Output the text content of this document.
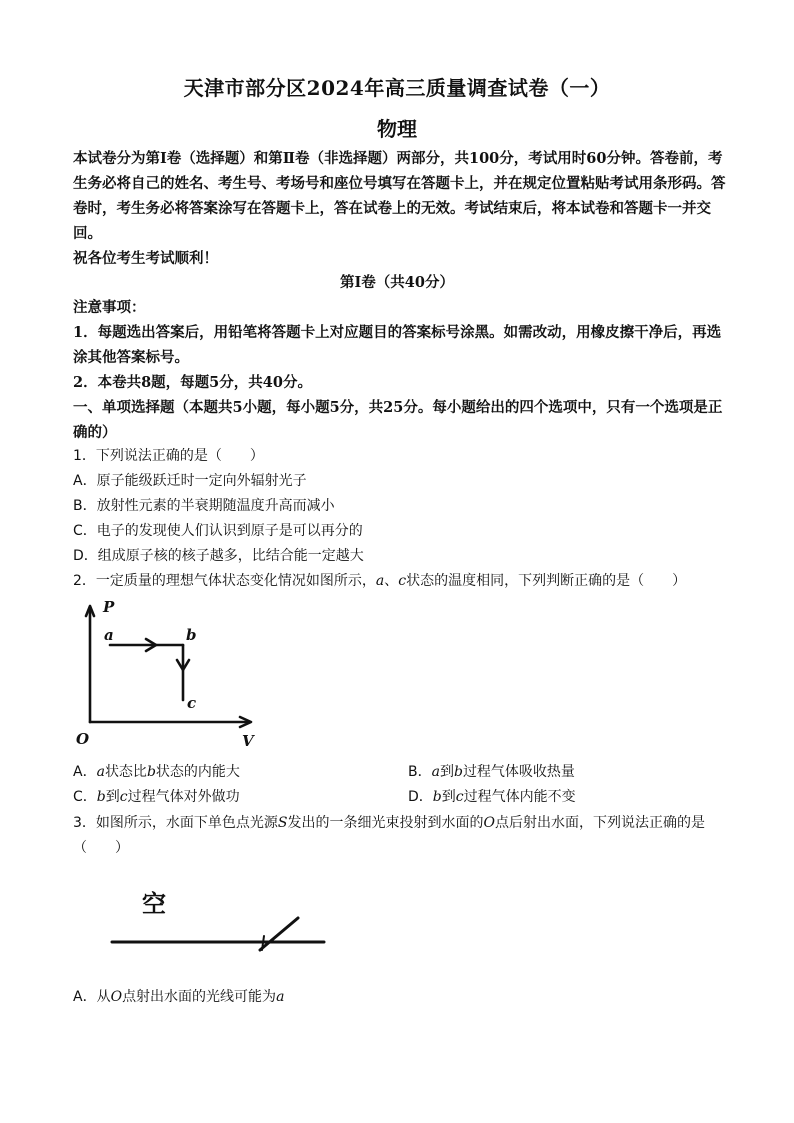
天津市部分区2024年高三质量调查试卷（一）
物理

本试卷分为第Ⅰ卷（选择题）和第Ⅱ卷（非选择题）两部分，共100分，考试用时60分钟。答卷前，考生务必将自己的姓名、考生号、考场号和座位号填写在答题卡上，并在规定位置粘贴考试用条形码。答卷时，考生务必将答案涂写在答题卡上，答在试卷上的无效。考试结束后，将本试卷和答题卡一并交回。

祝各位考生考试顺利！

第Ⅰ卷（共40分）

注意事项：

1．每题选出答案后，用铅笔将答题卡上对应题目的答案标号涂黑。如需改动，用橡皮擦干净后，再选涂其他答案标号。

2．本卷共8题，每题5分，共40分。

一、单项选择题（本题共5小题，每小题5分，共25分。每小题给出的四个选项中，只有一个选项是正确的）

1．下列说法正确的是（　　）

A．原子能级跃迁时一定向外辐射光子

B．放射性元素的半衰期随温度升高而减小

C．电子的发现使人们认识到原子是可以再分的

D．组成原子核的核子越多，比结合能一定越大

2．一定质量的理想气体状态变化情况如图所示，a、c状态的温度相同，下列判断正确的是（　　）

P
a	b
c
O	V
A．a状态比b状态的内能大	B．a到b过程气体吸收热量
C．b到c过程气体对外做功	D．b到c过程气体内能不变

3．如图所示，水面下单色点光源S发出的一条细光束投射到水面的O点后射出水面，下列说法正确的是
（　　）

空

A．从O点射出水面的光线可能为a
